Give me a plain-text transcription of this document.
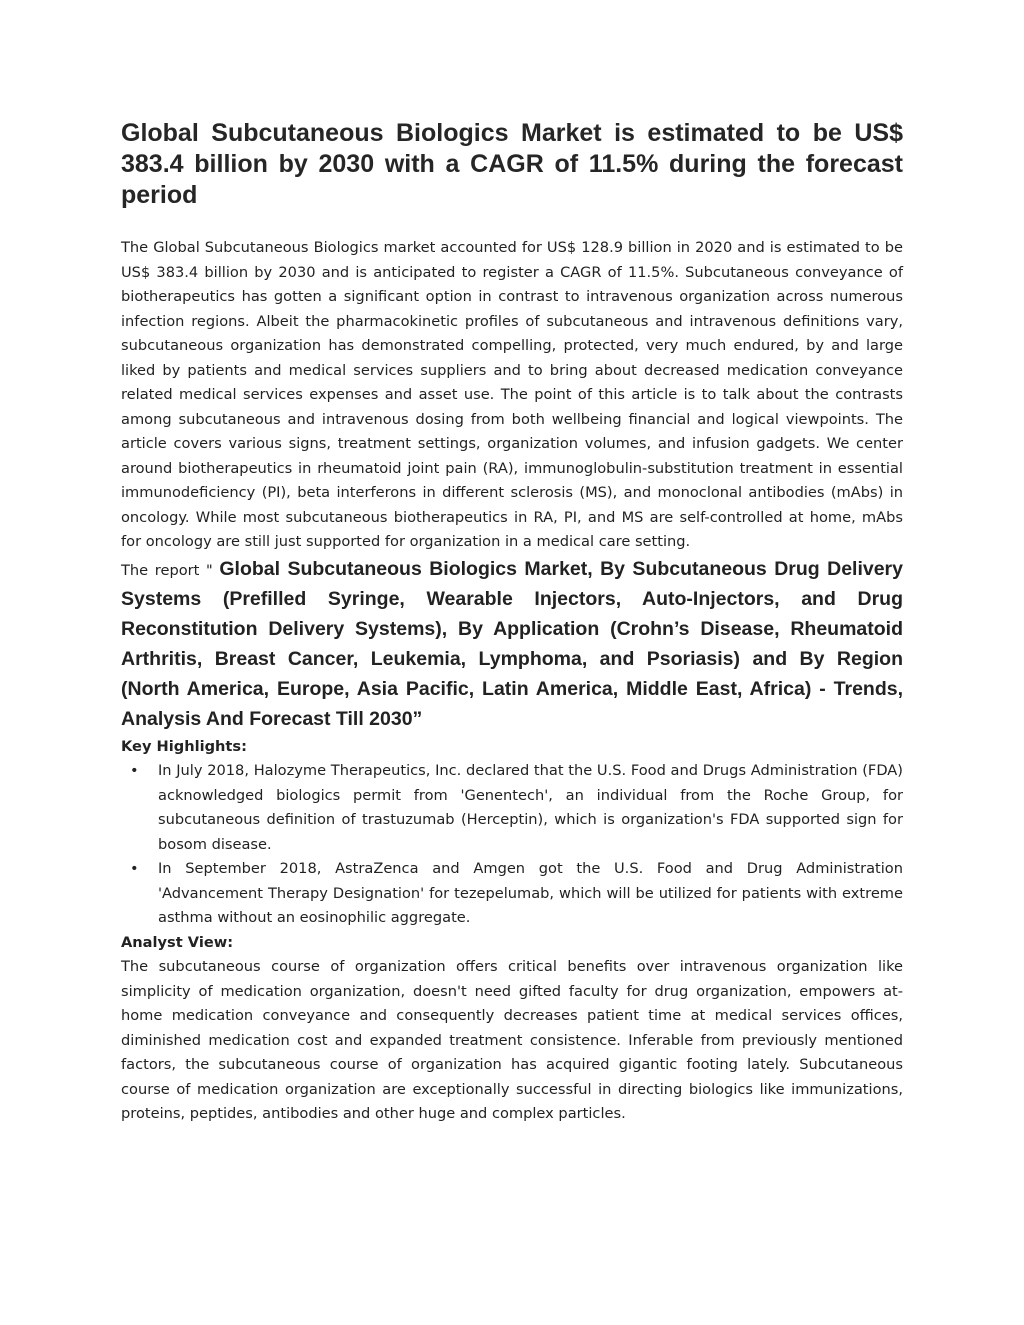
Global Subcutaneous Biologics Market is estimated to be US$ 383.4 billion by 2030 with a CAGR of 11.5% during the forecast period

The Global Subcutaneous Biologics market accounted for US$ 128.9 billion in 2020 and is estimated to be US$ 383.4 billion by 2030 and is anticipated to register a CAGR of 11.5%. Subcutaneous conveyance of biotherapeutics has gotten a significant option in contrast to intravenous organization across numerous infection regions. Albeit the pharmacokinetic profiles of subcutaneous and intravenous definitions vary, subcutaneous organization has demonstrated compelling, protected, very much endured, by and large liked by patients and medical services suppliers and to bring about decreased medication conveyance related medical services expenses and asset use. The point of this article is to talk about the contrasts among subcutaneous and intravenous dosing from both wellbeing financial and logical viewpoints. The article covers various signs, treatment settings, organization volumes, and infusion gadgets. We center around biotherapeutics in rheumatoid joint pain (RA), immunoglobulin-substitution treatment in essential immunodeficiency (PI), beta interferons in different sclerosis (MS), and monoclonal antibodies (mAbs) in oncology. While most subcutaneous biotherapeutics in RA, PI, and MS are self-controlled at home, mAbs for oncology are still just supported for organization in a medical care setting.

The report " Global Subcutaneous Biologics Market, By Subcutaneous Drug Delivery Systems (Prefilled Syringe, Wearable Injectors, Auto-Injectors, and Drug Reconstitution Delivery Systems), By Application (Crohn’s Disease, Rheumatoid Arthritis, Breast Cancer, Leukemia, Lymphoma, and Psoriasis) and By Region (North America, Europe, Asia Pacific, Latin America, Middle East, Africa) - Trends, Analysis And Forecast Till 2030”

Key Highlights:

• In July 2018, Halozyme Therapeutics, Inc. declared that the U.S. Food and Drugs Administration (FDA) acknowledged biologics permit from 'Genentech', an individual from the Roche Group, for subcutaneous definition of trastuzumab (Herceptin), which is organization's FDA supported sign for bosom disease.
• In September 2018, AstraZenca and Amgen got the U.S. Food and Drug Administration 'Advancement Therapy Designation' for tezepelumab, which will be utilized for patients with extreme asthma without an eosinophilic aggregate.

Analyst View:

The subcutaneous course of organization offers critical benefits over intravenous organization like simplicity of medication organization, doesn't need gifted faculty for drug organization, empowers at-home medication conveyance and consequently decreases patient time at medical services offices, diminished medication cost and expanded treatment consistence. Inferable from previously mentioned factors, the subcutaneous course of organization has acquired gigantic footing lately. Subcutaneous course of medication organization are exceptionally successful in directing biologics like immunizations, proteins, peptides, antibodies and other huge and complex particles.
